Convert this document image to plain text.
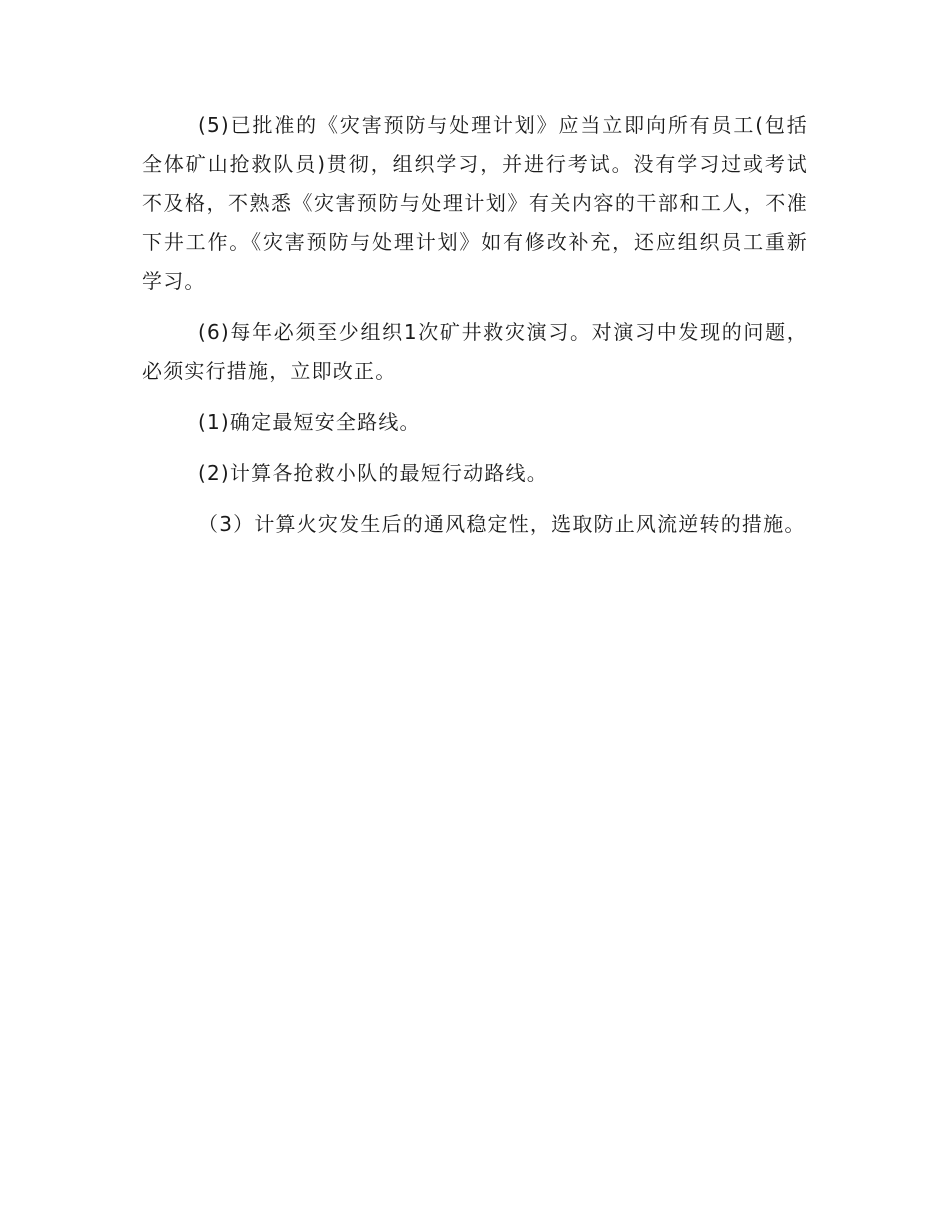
(5)已批准的《灾害预防与处理计划》应当立即向所有员工(包括全体矿山抢救队员)贯彻，组织学习，并进行考试。没有学习过或考试不及格，不熟悉《灾害预防与处理计划》有关内容的干部和工人，不准下井工作。《灾害预防与处理计划》如有修改补充，还应组织员工重新学习。

(6)每年必须至少组织1次矿井救灾演习。对演习中发现的问题，必须实行措施，立即改正。

(1)确定最短安全路线。

(2)计算各抢救小队的最短行动路线。

（3）计算火灾发生后的通风稳定性，选取防止风流逆转的措施。
